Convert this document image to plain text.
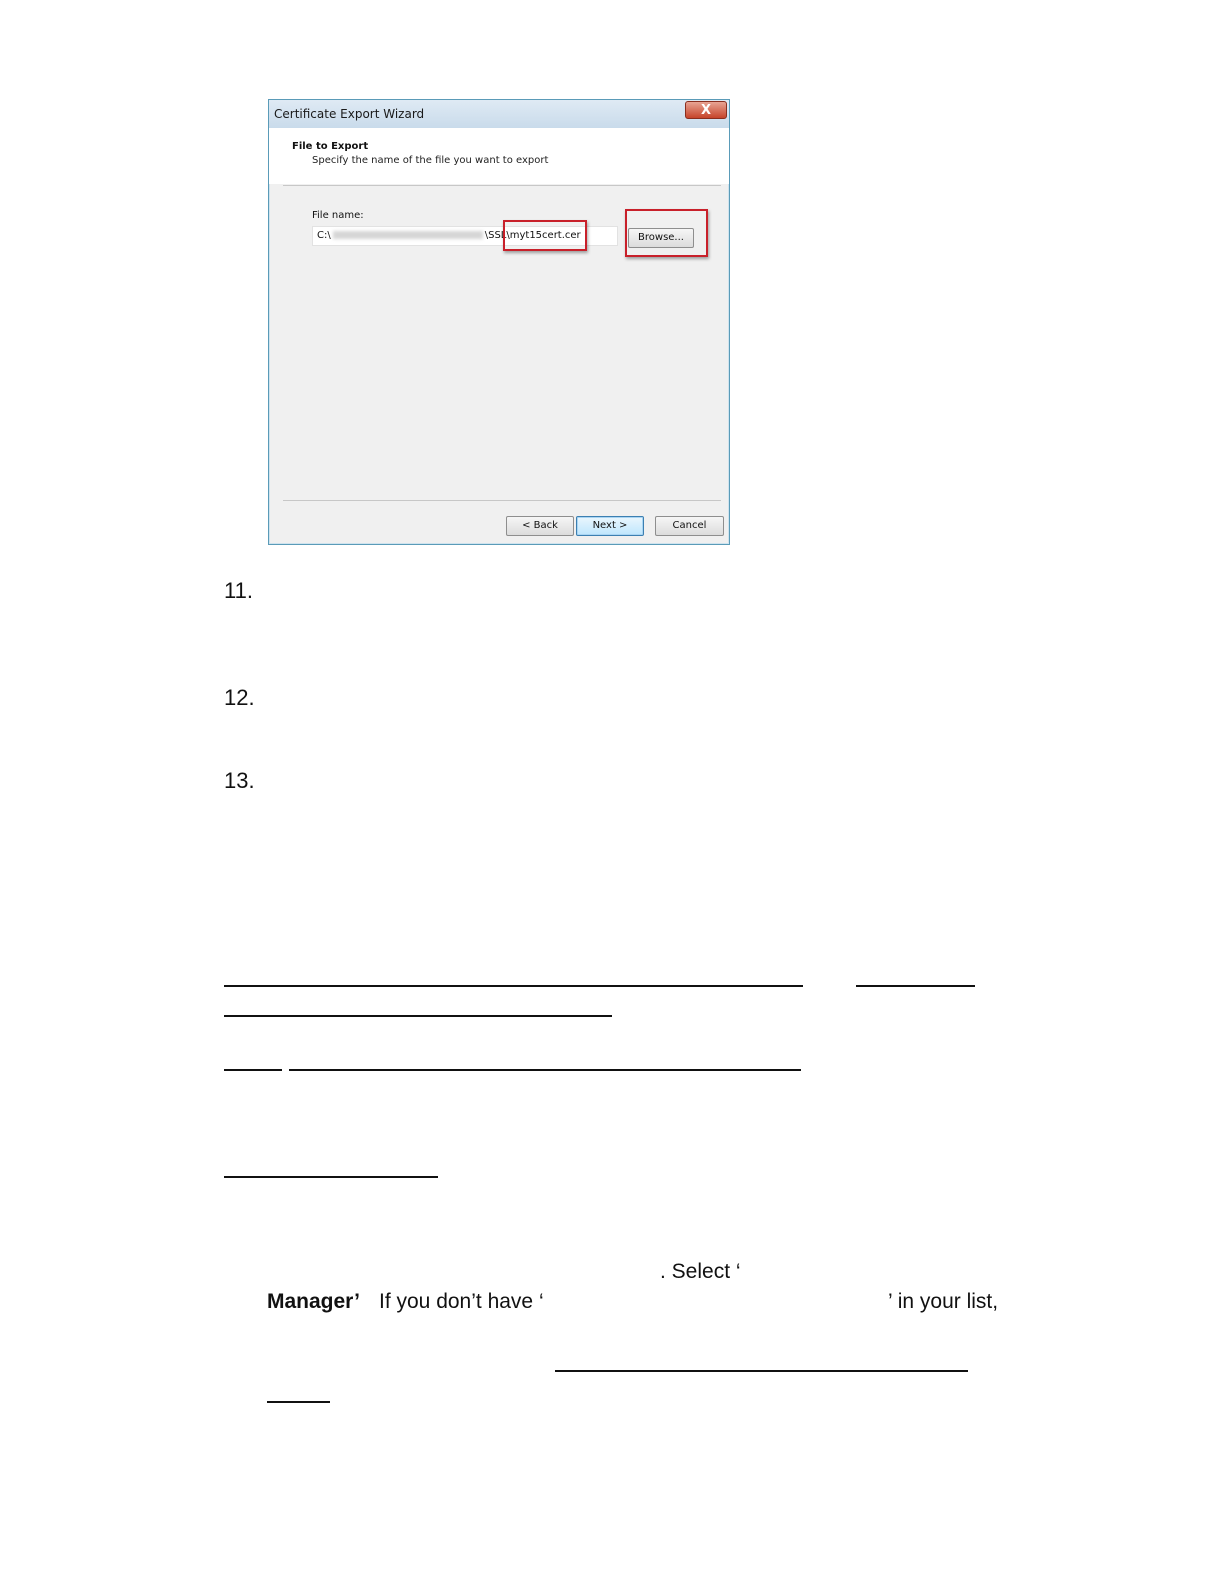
Certificate Export Wizard	X
File to Export
Specify the name of the file you want to export
File name:
C:\	\SSL\myt15cert.cer	Browse...
< Back	Next >	Cancel
11.
12.
13.
. Select ‘
Manager’ If you don’t have ‘	’ in your list,
